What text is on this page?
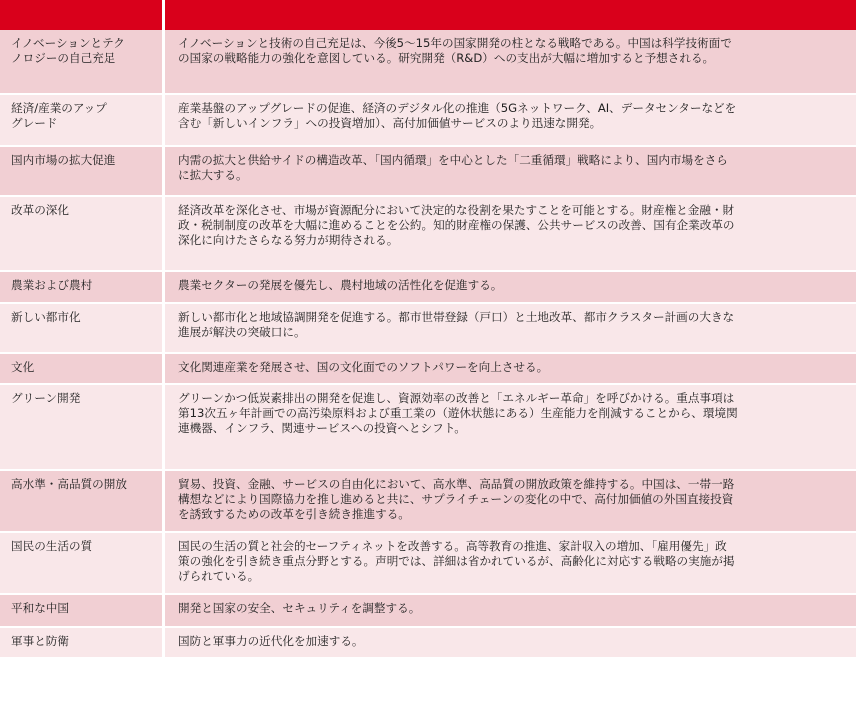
イノベーションとテク
ノロジーの自己充足	イノベーションと技術の自己充足は、今後5～15年の国家開発の柱となる戦略である。中国は科学技術面で
の国家の戦略能力の強化を意図している。研究開発（R&D）への支出が大幅に増加すると予想される。

経済/産業のアップ
グレード	産業基盤のアップグレードの促進、経済のデジタル化の推進（5Gネットワーク、AI、データセンターなどを
含む「新しいインフラ」への投資増加）、高付加価値サービスのより迅速な開発。

国内市場の拡大促進	内需の拡大と供給サイドの構造改革、「国内循環」を中心とした「二重循環」戦略により、国内市場をさら
に拡大する。

改革の深化	経済改革を深化させ、市場が資源配分において決定的な役割を果たすことを可能とする。財産権と金融・財
政・税制制度の改革を大幅に進めることを公約。知的財産権の保護、公共サービスの改善、国有企業改革の
深化に向けたさらなる努力が期待される。

農業および農村	農業セクターの発展を優先し、農村地域の活性化を促進する。

新しい都市化	新しい都市化と地域協調開発を促進する。都市世帯登録（戸口）と土地改革、都市クラスター計画の大きな
進展が解決の突破口に。

文化	文化関連産業を発展させ、国の文化面でのソフトパワーを向上させる。

グリーン開発	グリーンかつ低炭素排出の開発を促進し、資源効率の改善と「エネルギー革命」を呼びかける。重点事項は
第13次五ヶ年計画での高汚染原料および重工業の（遊休状態にある）生産能力を削減することから、環境関
連機器、インフラ、関連サービスへの投資へとシフト。

高水準・高品質の開放	貿易、投資、金融、サービスの自由化において、高水準、高品質の開放政策を維持する。中国は、一帯一路
構想などにより国際協力を推し進めると共に、サプライチェーンの変化の中で、高付加価値の外国直接投資
を誘致するための改革を引き続き推進する。

国民の生活の質	国民の生活の質と社会的セーフティネットを改善する。高等教育の推進、家計収入の増加、「雇用優先」政
策の強化を引き続き重点分野とする。声明では、詳細は省かれているが、高齢化に対応する戦略の実施が掲
げられている。

平和な中国	開発と国家の安全、セキュリティを調整する。

軍事と防衛	国防と軍事力の近代化を加速する。
